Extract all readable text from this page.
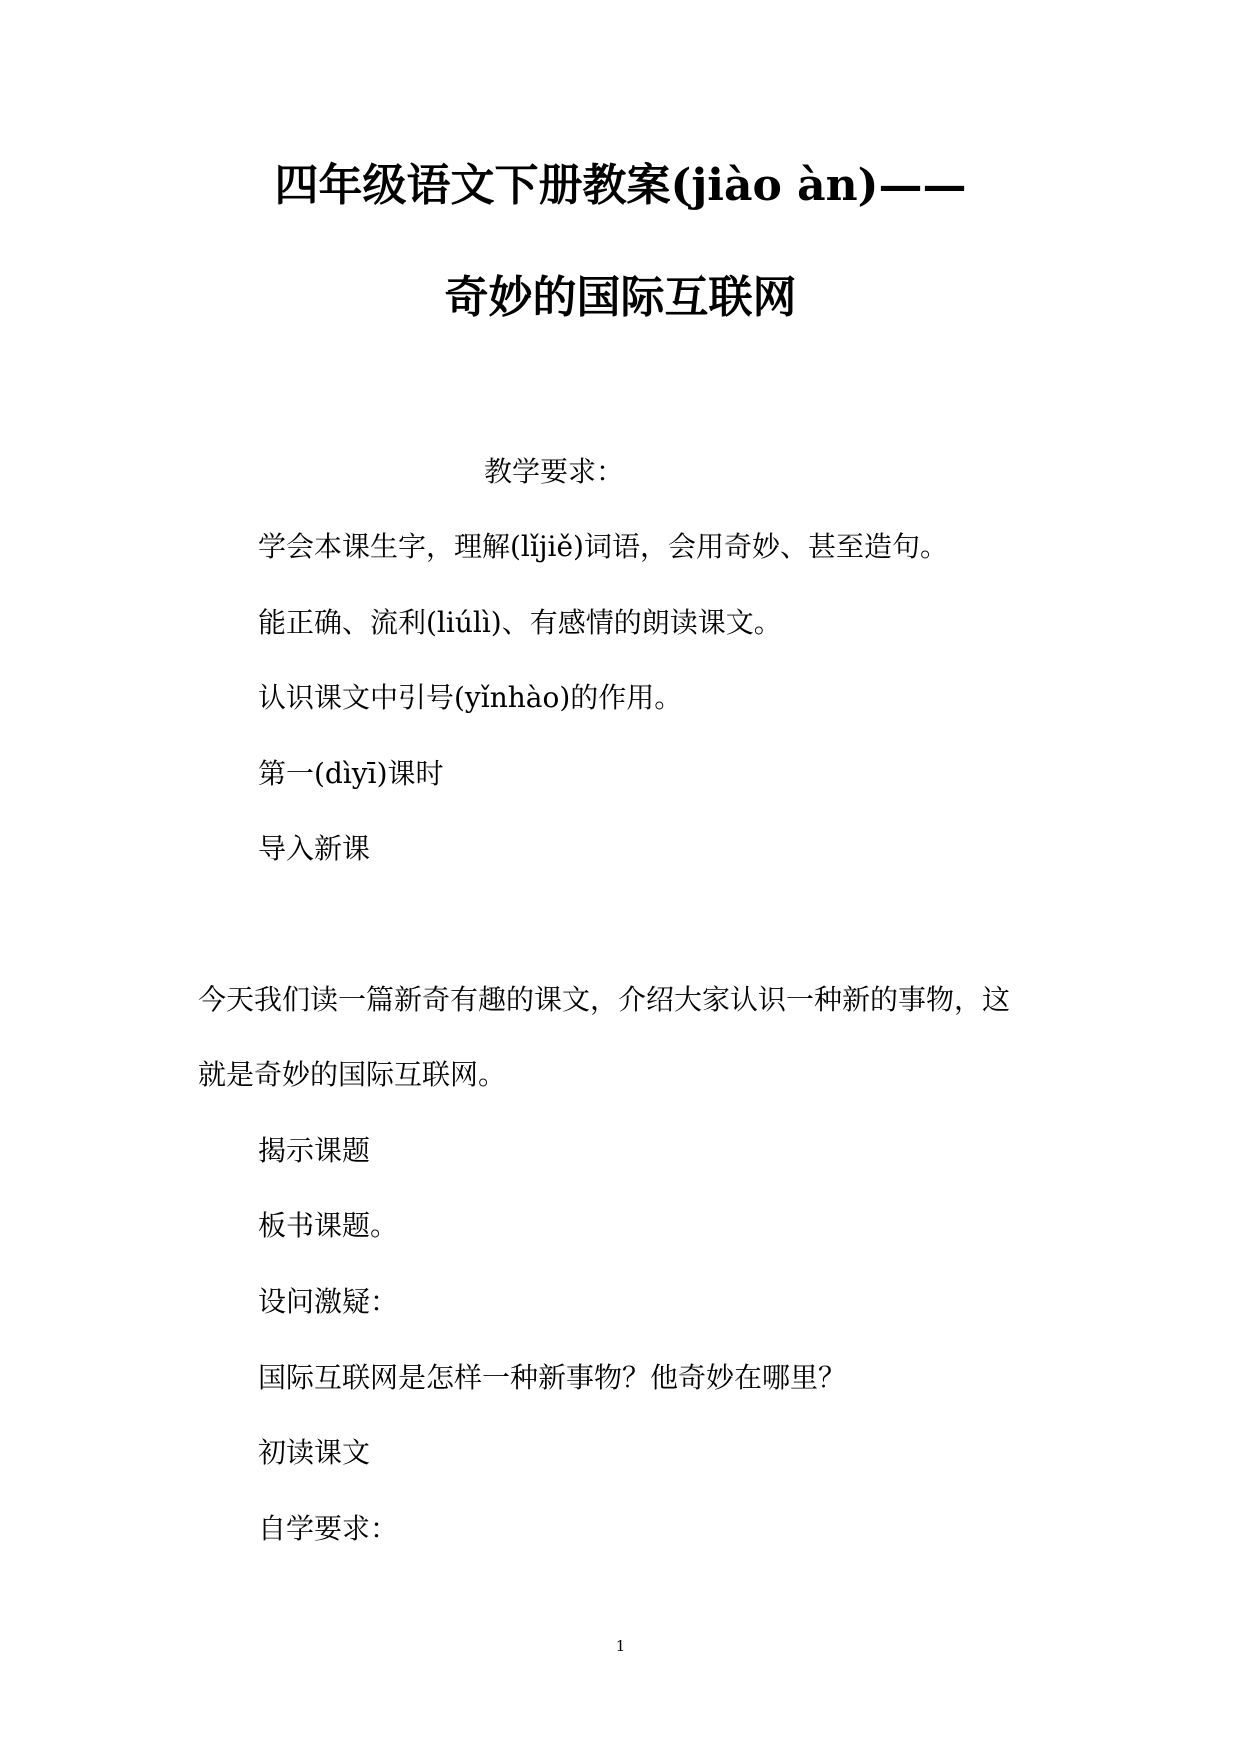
四年级语文下册教案(jiào àn)——
奇妙的国际互联网
教学要求：
学会本课生字，理解(lǐjiě)词语，会用奇妙、甚至造句。
能正确、流利(liúlì)、有感情的朗读课文。
认识课文中引号(yǐnhào)的作用。
第一(dìyī)课时
导入新课
今天我们读一篇新奇有趣的课文，介绍大家认识一种新的事物，这
就是奇妙的国际互联网。
揭示课题
板书课题。
设问激疑：
国际互联网是怎样一种新事物？他奇妙在哪里？
初读课文
自学要求：
1
